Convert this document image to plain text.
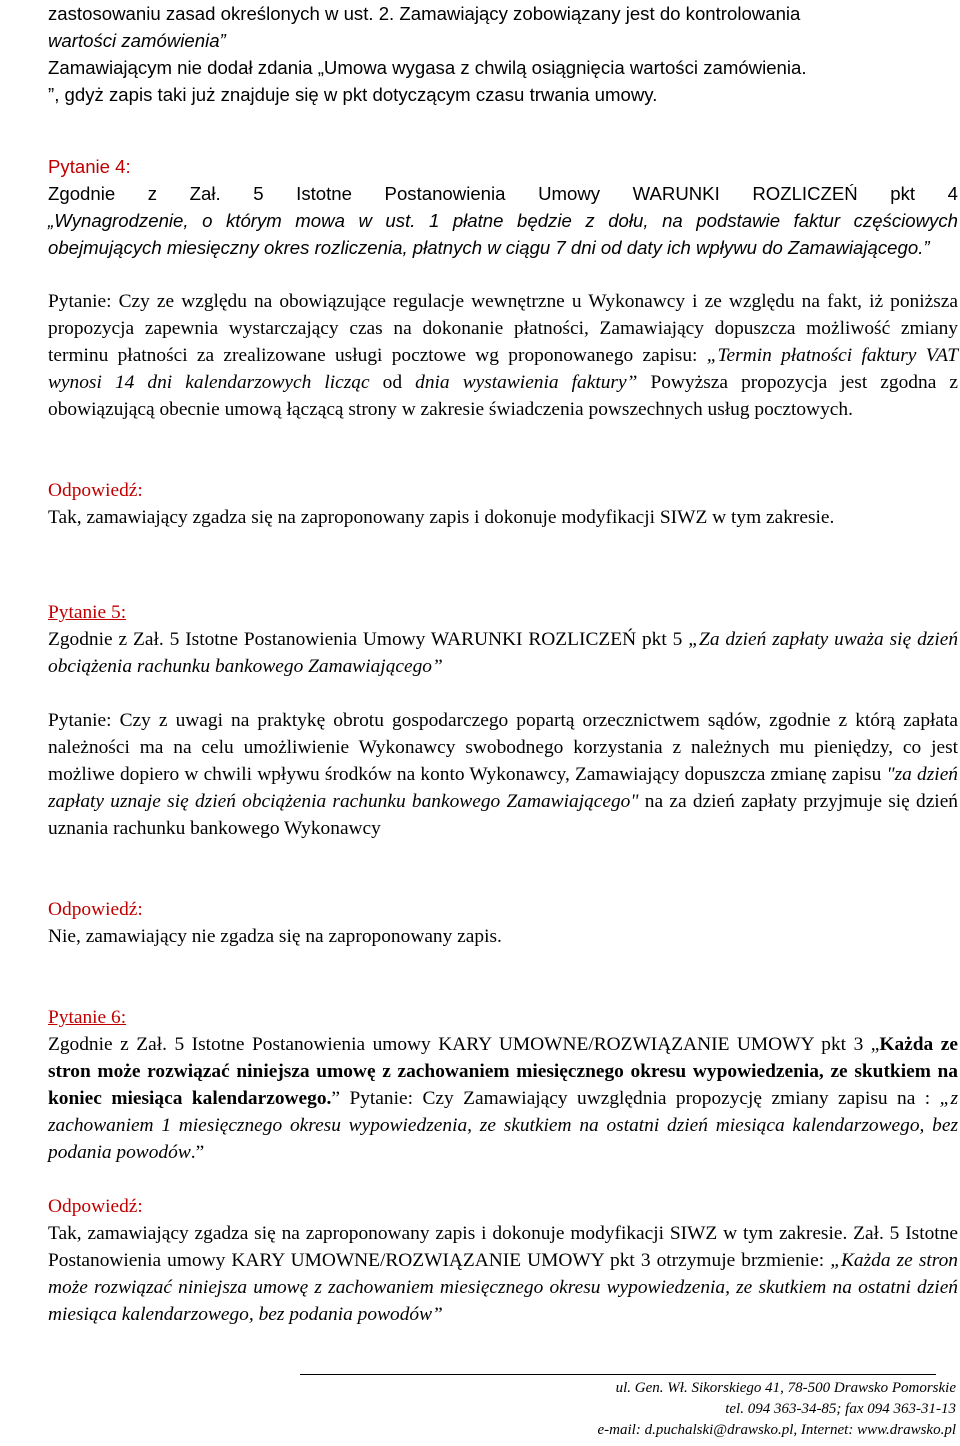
zastosowaniu zasad określonych w ust. 2. Zamawiający zobowiązany jest do kontrolowania
wartości zamówienia”
Zamawiającym nie dodał zdania „Umowa wygasa z chwilą osiągnięcia wartości zamówienia.
”, gdyż zapis taki już znajduje się w pkt dotyczącym czasu trwania umowy.

Pytanie 4:

Zgodnie z Zał. 5 Istotne Postanowienia Umowy WARUNKI ROZLICZEŃ pkt 4
„Wynagrodzenie, o którym mowa w ust. 1 płatne będzie z dołu, na podstawie faktur częściowych obejmujących miesięczny okres rozliczenia, płatnych w ciągu 7 dni od daty ich wpływu do Zamawiającego.”

Pytanie: Czy ze względu na obowiązujące regulacje wewnętrzne u Wykonawcy i ze względu na fakt, iż poniższa propozycja zapewnia wystarczający czas na dokonanie płatności, Zamawiający dopuszcza możliwość zmiany terminu płatności za zrealizowane usługi pocztowe wg proponowanego zapisu: „Termin płatności faktury VAT wynosi 14 dni kalendarzowych licząc od dnia wystawienia faktury” Powyższa propozycja jest zgodna z obowiązującą obecnie umową łączącą strony w zakresie świadczenia powszechnych usług pocztowych.

Odpowiedź:

Tak, zamawiający zgadza się na zaproponowany zapis i dokonuje modyfikacji SIWZ w tym zakresie.

Pytanie 5:

Zgodnie z Zał. 5 Istotne Postanowienia Umowy WARUNKI ROZLICZEŃ pkt 5 „Za dzień zapłaty uważa się dzień obciążenia rachunku bankowego Zamawiającego”

Pytanie: Czy z uwagi na praktykę obrotu gospodarczego popartą orzecznictwem sądów, zgodnie z którą zapłata należności ma na celu umożliwienie Wykonawcy swobodnego korzystania z należnych mu pieniędzy, co jest możliwe dopiero w chwili wpływu środków na konto Wykonawcy, Zamawiający dopuszcza zmianę zapisu "za dzień zapłaty uznaje się dzień obciążenia rachunku bankowego Zamawiającego" na za dzień zapłaty przyjmuje się dzień uznania rachunku bankowego Wykonawcy

Odpowiedź:

Nie, zamawiający nie zgadza się na zaproponowany zapis.

Pytanie 6:

Zgodnie z Zał. 5 Istotne Postanowienia umowy KARY UMOWNE/ROZWIĄZANIE UMOWY pkt 3 „Każda ze stron może rozwiązać niniejsza umowę z zachowaniem miesięcznego okresu wypowiedzenia, ze skutkiem na koniec miesiąca kalendarzowego.” Pytanie: Czy Zamawiający uwzględnia propozycję zmiany zapisu na : „z zachowaniem 1 miesięcznego okresu wypowiedzenia, ze skutkiem na ostatni dzień miesiąca kalendarzowego, bez podania powodów.”

Odpowiedź:

Tak, zamawiający zgadza się na zaproponowany zapis i dokonuje modyfikacji SIWZ w tym zakresie. Zał. 5 Istotne Postanowienia umowy KARY UMOWNE/ROZWIĄZANIE UMOWY pkt 3 otrzymuje brzmienie: „Każda ze stron może rozwiązać niniejsza umowę z zachowaniem miesięcznego okresu wypowiedzenia, ze skutkiem na ostatni dzień miesiąca kalendarzowego, bez podania powodów”

ul. Gen. Wł. Sikorskiego 41, 78-500 Drawsko Pomorskie
tel. 094 363-34-85; fax 094 363-31-13
e-mail: d.puchalski@drawsko.pl, Internet: www.drawsko.pl
